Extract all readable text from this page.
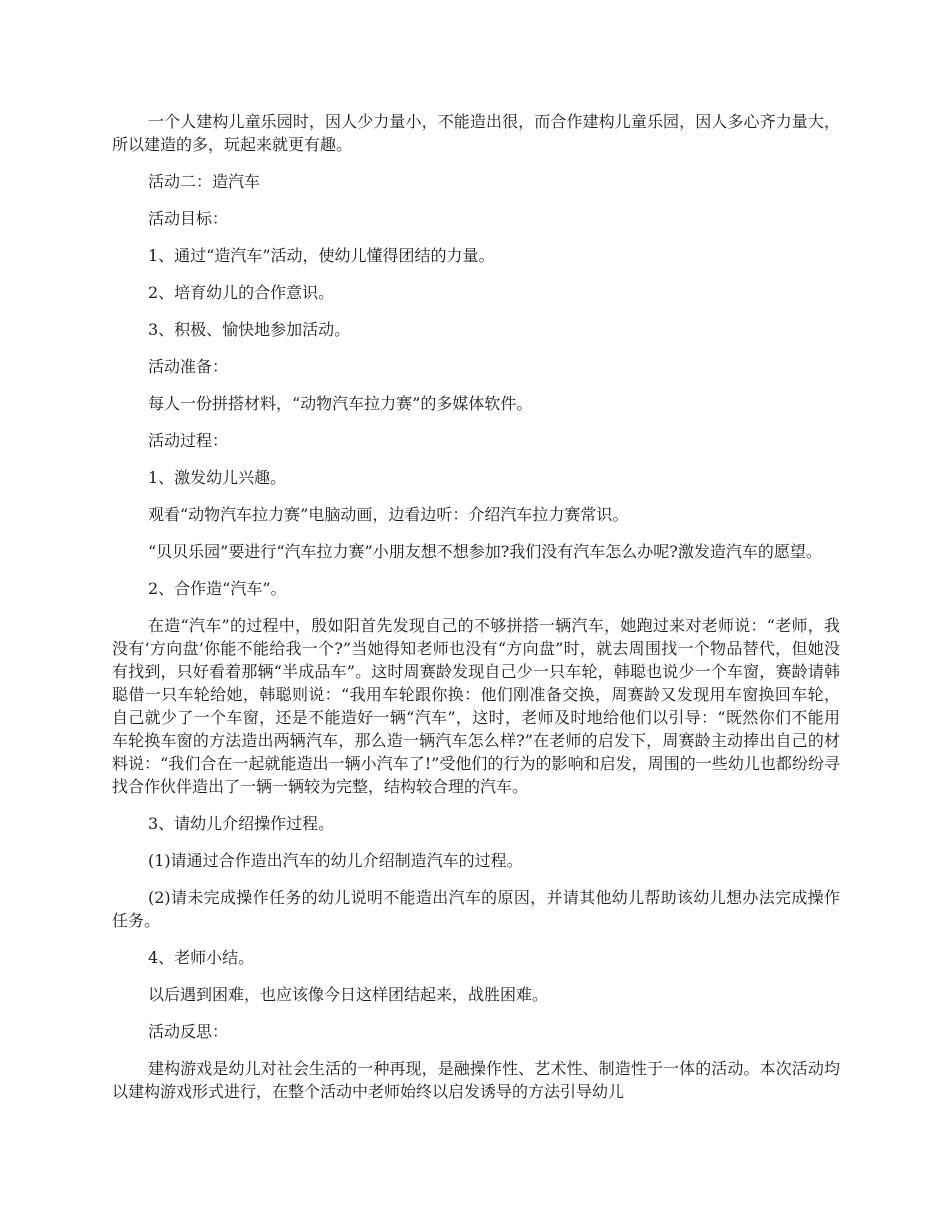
一个人建构儿童乐园时，因人少力量小，不能造出很，而合作建构儿童乐园，因人多心齐力量大，所以建造的多，玩起来就更有趣。

活动二：造汽车

活动目标：

1、通过“造汽车”活动，使幼儿懂得团结的力量。

2、培育幼儿的合作意识。

3、积极、愉快地参加活动。

活动准备：

每人一份拼搭材料，“动物汽车拉力赛”的多媒体软件。

活动过程：

1、激发幼儿兴趣。

观看“动物汽车拉力赛”电脑动画，边看边听：介绍汽车拉力赛常识。

“贝贝乐园”要进行“汽车拉力赛”小朋友想不想参加?我们没有汽车怎么办呢?激发造汽车的愿望。

2、合作造“汽车”。

在造“汽车”的过程中，殷如阳首先发现自己的不够拼搭一辆汽车，她跑过来对老师说：“老师，我没有‘方向盘’你能不能给我一个?”当她得知老师也没有“方向盘”时，就去周围找一个物品替代，但她没有找到，只好看着那辆“半成品车”。这时周赛龄发现自己少一只车轮，韩聪也说少一个车窗，赛龄请韩聪借一只车轮给她，韩聪则说：“我用车轮跟你换：他们刚准备交换，周赛龄又发现用车窗换回车轮，自己就少了一个车窗，还是不能造好一辆“汽车”，这时，老师及时地给他们以引导：“既然你们不能用车轮换车窗的方法造出两辆汽车，那么造一辆汽车怎么样?”在老师的启发下，周赛龄主动捧出自己的材料说：“我们合在一起就能造出一辆小汽车了!”受他们的行为的影响和启发，周围的一些幼儿也都纷纷寻找合作伙伴造出了一辆一辆较为完整，结构较合理的汽车。

3、请幼儿介绍操作过程。

(1)请通过合作造出汽车的幼儿介绍制造汽车的过程。

(2)请未完成操作任务的幼儿说明不能造出汽车的原因，并请其他幼儿帮助该幼儿想办法完成操作任务。

4、老师小结。

以后遇到困难，也应该像今日这样团结起来，战胜困难。

活动反思：

建构游戏是幼儿对社会生活的一种再现，是融操作性、艺术性、制造性于一体的活动。本次活动均以建构游戏形式进行，在整个活动中老师始终以启发诱导的方法引导幼儿
